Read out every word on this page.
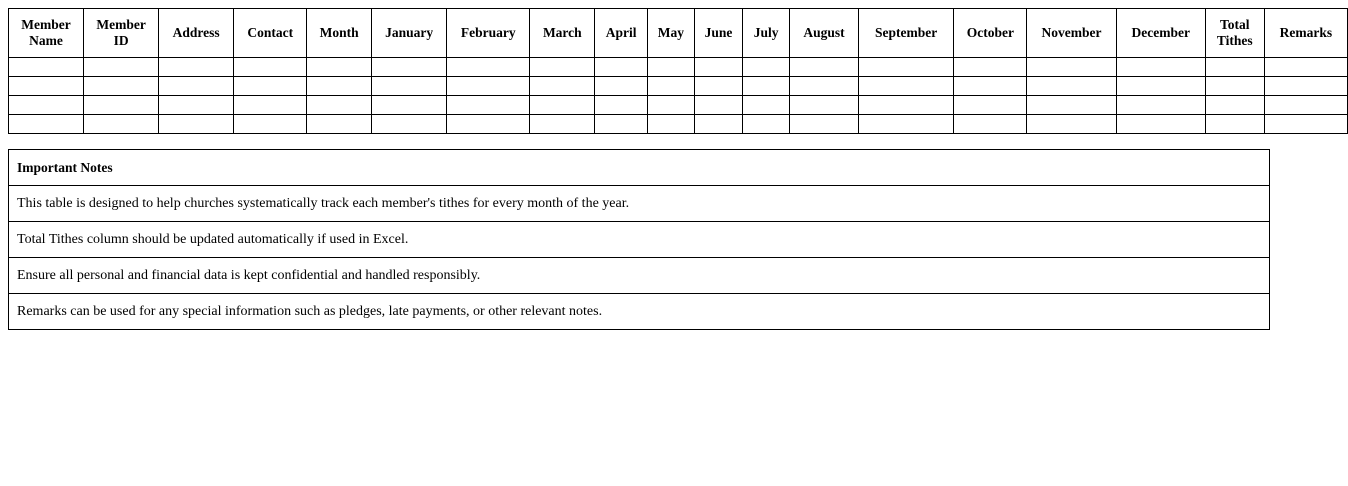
Member Name	Member ID	Address	Contact	Month	January	February	March	April	May	June	July	August	September	October	November	December	Total Tithes	Remarks

Important Notes
This table is designed to help churches systematically track each member's tithes for every month of the year.
Total Tithes column should be updated automatically if used in Excel.
Ensure all personal and financial data is kept confidential and handled responsibly.
Remarks can be used for any special information such as pledges, late payments, or other relevant notes.
